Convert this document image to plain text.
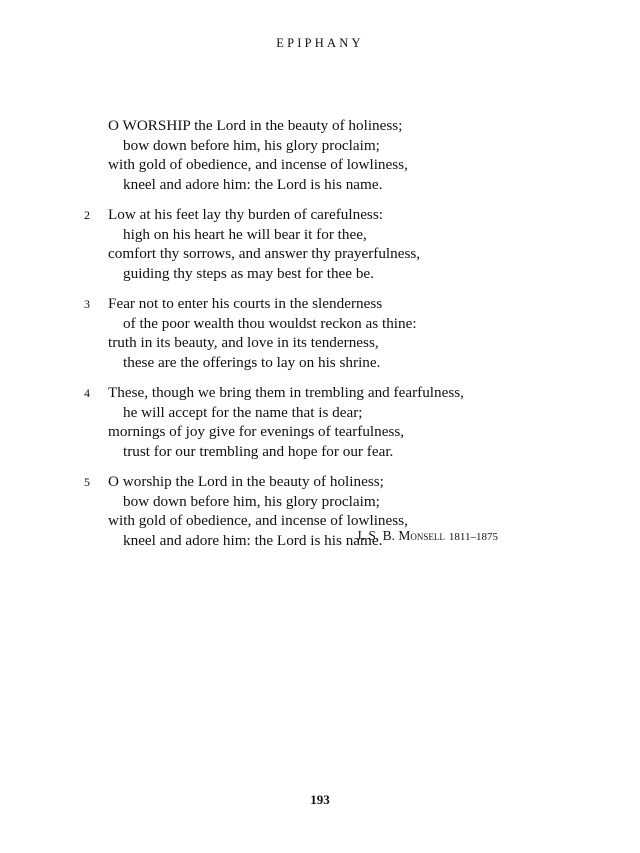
EPIPHANY
O WORSHIP the Lord in the beauty of holiness;
bow down before him, his glory proclaim;
with gold of obedience, and incense of lowliness,
kneel and adore him: the Lord is his name.
2	Low at his feet lay thy burden of carefulness:
high on his heart he will bear it for thee,
comfort thy sorrows, and answer thy prayerfulness,
guiding thy steps as may best for thee be.
3	Fear not to enter his courts in the slenderness
of the poor wealth thou wouldst reckon as thine:
truth in its beauty, and love in its tenderness,
these are the offerings to lay on his shrine.
4	These, though we bring them in trembling and fearfulness,
he will accept for the name that is dear;
mornings of joy give for evenings of tearfulness,
trust for our trembling and hope for our fear.
5	O worship the Lord in the beauty of holiness;
bow down before him, his glory proclaim;
with gold of obedience, and incense of lowliness,
kneel and adore him: the Lord is his name.
J. S. B. Monsell 1811–1875
193
